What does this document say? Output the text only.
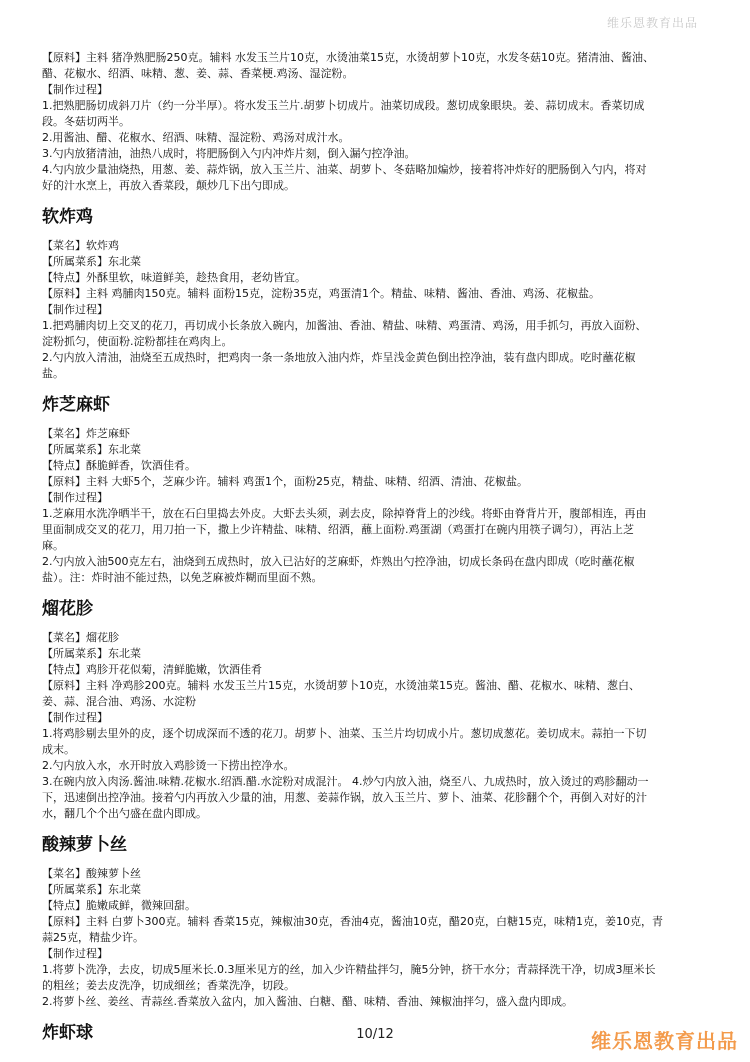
维乐恩教育出品

【原料】主料 猪净熟肥肠250克。辅料 水发玉兰片10克，水烫油菜15克，水烫胡萝卜10克，水发冬菇10克。猪清油、酱油、

醋、花椒水、绍酒、味精、葱、姜、蒜、香菜梗.鸡汤、湿淀粉。

【制作过程】

1.把熟肥肠切成斜刀片（约一分半厚）。将水发玉兰片.胡萝卜切成片。油菜切成段。葱切成象眼块。姜、蒜切成末。香菜切成

段。冬菇切两半。

2.用酱油、醋、花椒水、绍酒、味精、湿淀粉、鸡汤对成汁水。

3.勺内放猪清油，油热八成时，将肥肠倒入勺内冲炸片刻，倒入漏勺控净油。

4.勺内放少量油烧热，用葱、姜、蒜炸锅，放入玉兰片、油菜、胡萝卜、冬菇略加煸炒，接着将冲炸好的肥肠倒入勺内，将对

好的汁水烹上，再放入香菜段，颠炒几下出勺即成。

软炸鸡

【菜名】软炸鸡

【所属菜系】东北菜

【特点】外酥里软，味道鲜美，趁热食用，老幼皆宜。

【原料】主料 鸡脯肉150克。辅料 面粉15克，淀粉35克，鸡蛋清1个。精盐、味精、酱油、香油、鸡汤、花椒盐。

【制作过程】

1.把鸡脯肉切上交叉的花刀，再切成小长条放入碗内，加酱油、香油、精盐、味精、鸡蛋清、鸡汤，用手抓匀，再放入面粉、

淀粉抓匀，使面粉.淀粉都挂在鸡肉上。

2.勺内放入清油，油烧至五成热时，把鸡肉一条一条地放入油内炸，炸呈浅金黄色倒出控净油，装有盘内即成。吃时蘸花椒

盐。

炸芝麻虾

【菜名】炸芝麻虾

【所属菜系】东北菜

【特点】酥脆鲜香，饮酒佳肴。

【原料】主料 大虾5个，芝麻少许。辅料 鸡蛋1个，面粉25克，精盐、味精、绍酒、清油、花椒盐。

【制作过程】

1.芝麻用水洗净晒半干，放在石臼里捣去外皮。大虾去头须，剥去皮，除掉脊背上的沙线。将虾由脊背片开，腹部相连，再由

里面制成交叉的花刀，用刀拍一下，撒上少许精盐、味精、绍酒，蘸上面粉.鸡蛋湖（鸡蛋打在碗内用筷子调匀），再沾上芝

麻。

2.勺内放入油500克左右，油烧到五成热时，放入已沾好的芝麻虾，炸熟出勺控净油，切成长条码在盘内即成（吃时蘸花椒

盐）。注：炸时油不能过热，以免芝麻被炸糊而里面不熟。

熘花胗

【菜名】熘花胗

【所属菜系】东北菜

【特点】鸡胗开花似菊，清鲜脆嫩，饮酒佳肴

【原料】主料 净鸡胗200克。辅料 水发玉兰片15克，水烫胡萝卜10克，水烫油菜15克。酱油、醋、花椒水、味精、葱白、

姜、蒜、混合油、鸡汤、水淀粉

【制作过程】

1.将鸡胗剔去里外的皮，逐个切成深而不透的花刀。胡萝卜、油菜、玉兰片均切成小片。葱切成葱花。姜切成末。蒜拍一下切

成末。

2.勺内放入水，水开时放入鸡胗烫一下捞出控净水。

3.在碗内放入肉汤.酱油.味精.花椒水.绍酒.醋.水淀粉对成混汁。 4.炒勺内放入油，烧至八、九成热时，放入烫过的鸡胗翻动一

下，迅速倒出控净油。接着勺内再放入少量的油，用葱、姜蒜作锅，放入玉兰片、萝卜、油菜、花胗翻个个，再倒入对好的汁

水，翻几个个出勺盛在盘内即成。

酸辣萝卜丝

【菜名】酸辣萝卜丝

【所属菜系】东北菜

【特点】脆嫩咸鲜，微辣回甜。

【原料】主料 白萝卜300克。辅料 香菜15克，辣椒油30克，香油4克，酱油10克，醋20克，白糖15克，味精1克，姜10克，青

蒜25克，精盐少许。

【制作过程】

1.将萝卜洗净，去皮，切成5厘米长.0.3厘米见方的丝，加入少许精盐拌匀，腌5分钟，挤干水分；青蒜择洗干净，切成3厘米长

的粗丝；姜去皮洗净，切成细丝；香菜洗净，切段。

2.将萝卜丝、姜丝、青蒜丝.香菜放入盆内，加入酱油、白糖、醋、味精、香油、辣椒油拌匀，盛入盘内即成。

炸虾球	10/12	维乐恩教育出品
